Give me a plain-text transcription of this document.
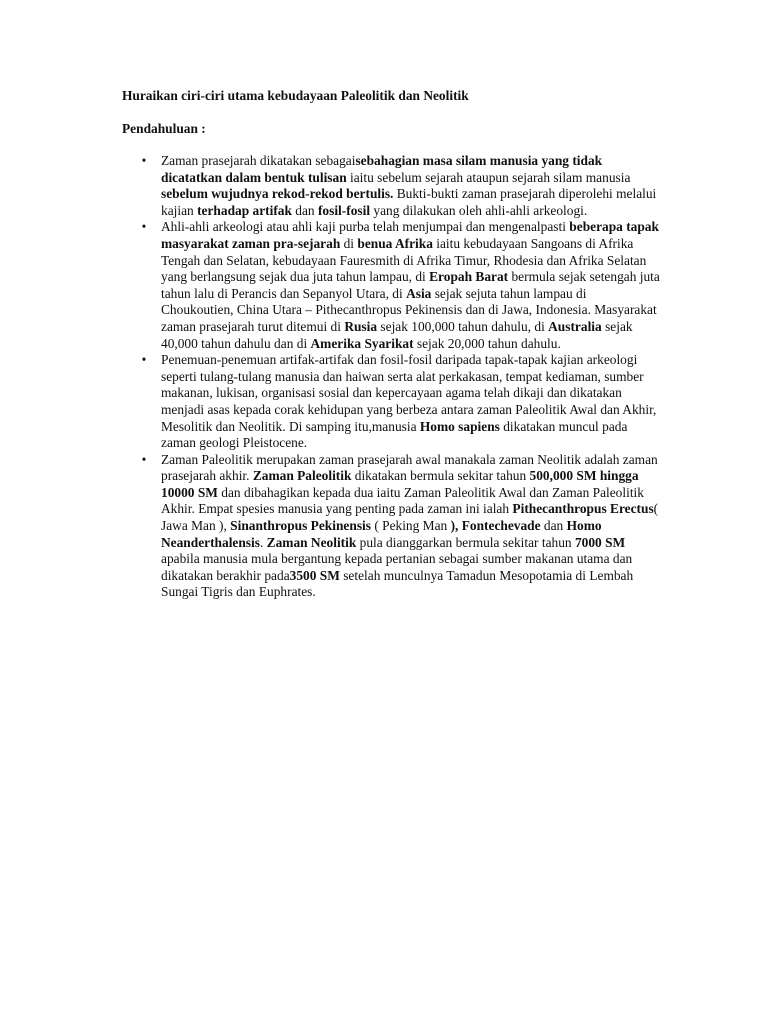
Huraikan ciri-ciri utama kebudayaan Paleolitik dan Neolitik

Pendahuluan :

• Zaman prasejarah dikatakan sebagaisebahagian masa silam manusia yang tidak dicatatkan dalam bentuk tulisan iaitu sebelum sejarah ataupun sejarah silam manusia sebelum wujudnya rekod-rekod bertulis. Bukti-bukti zaman prasejarah diperolehi melalui kajian terhadap artifak dan fosil-fosil yang dilakukan oleh ahli-ahli arkeologi.
• Ahli-ahli arkeologi atau ahli kaji purba telah menjumpai dan mengenalpasti beberapa tapak masyarakat zaman pra-sejarah di benua Afrika iaitu kebudayaan Sangoans di Afrika Tengah dan Selatan, kebudayaan Fauresmith di Afrika Timur, Rhodesia dan Afrika Selatan yang berlangsung sejak dua juta tahun lampau, di Eropah Barat bermula sejak setengah juta tahun lalu di Perancis dan Sepanyol Utara, di Asia sejak sejuta tahun lampau di Choukoutien, China Utara – Pithecanthropus Pekinensis dan di Jawa, Indonesia. Masyarakat zaman prasejarah turut ditemui di Rusia sejak 100,000 tahun dahulu, di Australia sejak 40,000 tahun dahulu dan di Amerika Syarikat sejak 20,000 tahun dahulu.
• Penemuan-penemuan artifak-artifak dan fosil-fosil daripada tapak-tapak kajian arkeologi seperti tulang-tulang manusia dan haiwan serta alat perkakasan, tempat kediaman, sumber makanan, lukisan, organisasi sosial dan kepercayaan agama telah dikaji dan dikatakan menjadi asas kepada corak kehidupan yang berbeza antara zaman Paleolitik Awal dan Akhir, Mesolitik dan Neolitik. Di samping itu,manusia Homo sapiens dikatakan muncul pada zaman geologi Pleistocene.
• Zaman Paleolitik merupakan zaman prasejarah awal manakala zaman Neolitik adalah zaman prasejarah akhir. Zaman Paleolitik dikatakan bermula sekitar tahun 500,000 SM hingga 10000 SM dan dibahagikan kepada dua iaitu Zaman Paleolitik Awal dan Zaman Paleolitik Akhir. Empat spesies manusia yang penting pada zaman ini ialah Pithecanthropus Erectus( Jawa Man ), Sinanthropus Pekinensis ( Peking Man ), Fontechevade dan Homo Neanderthalensis. Zaman Neolitik pula dianggarkan bermula sekitar tahun 7000 SM apabila manusia mula bergantung kepada pertanian sebagai sumber makanan utama dan dikatakan berakhir pada3500 SM setelah munculnya Tamadun Mesopotamia di Lembah Sungai Tigris dan Euphrates.
